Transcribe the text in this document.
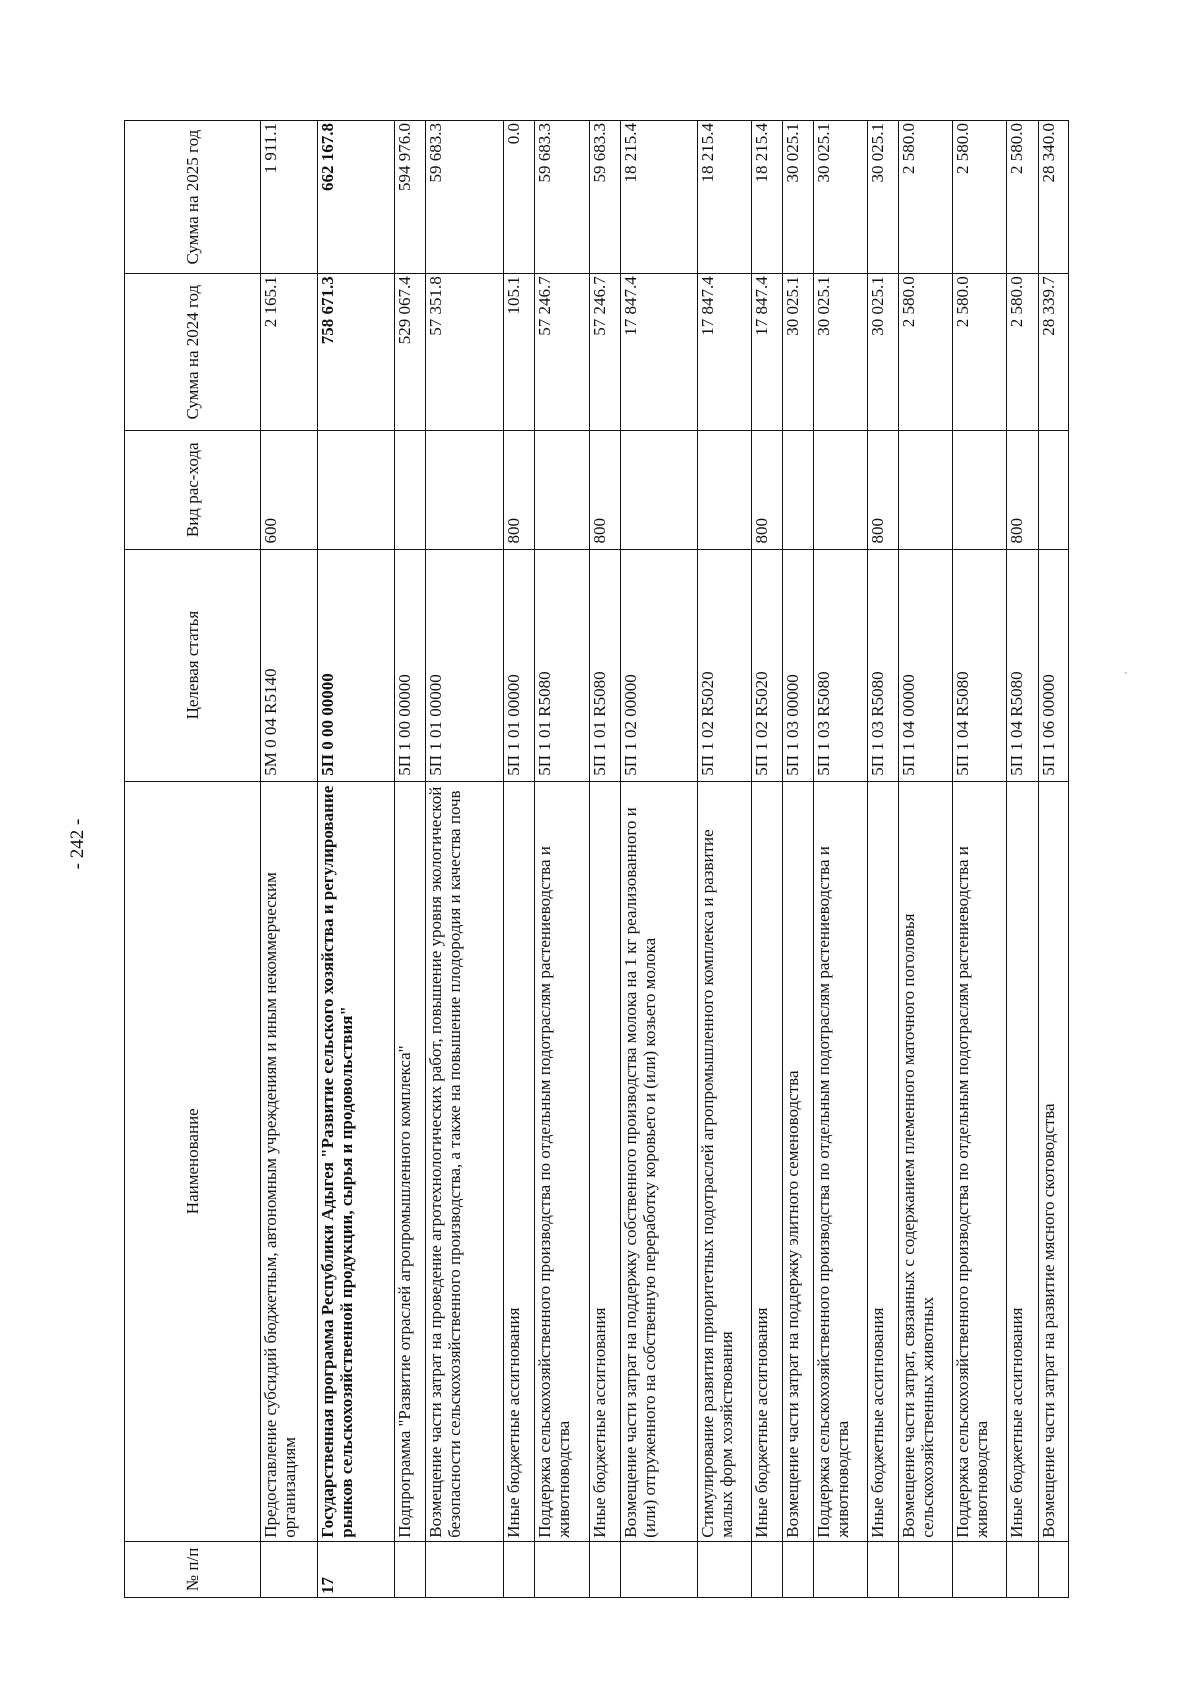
- 242 -
№ п/п	Наименование	Целевая статья	Вид рас-хода	Сумма на 2024 год	Сумма на 2025 год
	Предоставление субсидий бюджетным, автономным учреждениям и иным некоммерческим организациям	5М 0 04 R5140	600	2 165.1	1 911.1
17	Государственная программа Республики Адыгея "Развитие сельского хозяйства и регулирование рынков сельскохозяйственной продукции, сырья и продовольствия"	5П 0 00 00000		758 671.3	662 167.8
	Подпрограмма "Развитие отраслей агропромышленного комплекса"	5П 1 00 00000		529 067.4	594 976.0
	Возмещение части затрат на проведение агротехнологических работ, повышение уровня экологической безопасности сельскохозяйственного производства, а также на повышение плодородия и качества почв	5П 1 01 00000		57 351.8	59 683.3
	Иные бюджетные ассигнования	5П 1 01 00000	800	105.1	0.0
	Поддержка сельскохозяйственного производства по отдельным подотраслям растениеводства и животноводства	5П 1 01 R5080		57 246.7	59 683.3
	Иные бюджетные ассигнования	5П 1 01 R5080	800	57 246.7	59 683.3
	Возмещение части затрат на поддержку собственного производства молока на 1 кг реализованного и (или) отгруженного на собственную переработку коровьего и (или) козьего молока	5П 1 02 00000		17 847.4	18 215.4
	Стимулирование развития приоритетных подотраслей агропромышленного комплекса и развитие малых форм хозяйствования	5П 1 02 R5020		17 847.4	18 215.4
	Иные бюджетные ассигнования	5П 1 02 R5020	800	17 847.4	18 215.4
	Возмещение части затрат на поддержку элитного семеноводства	5П 1 03 00000		30 025.1	30 025.1
	Поддержка сельскохозяйственного производства по отдельным подотраслям растениеводства и животноводства	5П 1 03 R5080		30 025.1	30 025.1
	Иные бюджетные ассигнования	5П 1 03 R5080	800	30 025.1	30 025.1
	Возмещение части затрат, связанных с содержанием племенного маточного поголовья сельскохозяйственных животных	5П 1 04 00000		2 580.0	2 580.0
	Поддержка сельскохозяйственного производства по отдельным подотраслям растениеводства и животноводства	5П 1 04 R5080		2 580.0	2 580.0
	Иные бюджетные ассигнования	5П 1 04 R5080	800	2 580.0	2 580.0
	Возмещение части затрат на развитие мясного скотоводства	5П 1 06 00000		28 339.7	28 340.0
